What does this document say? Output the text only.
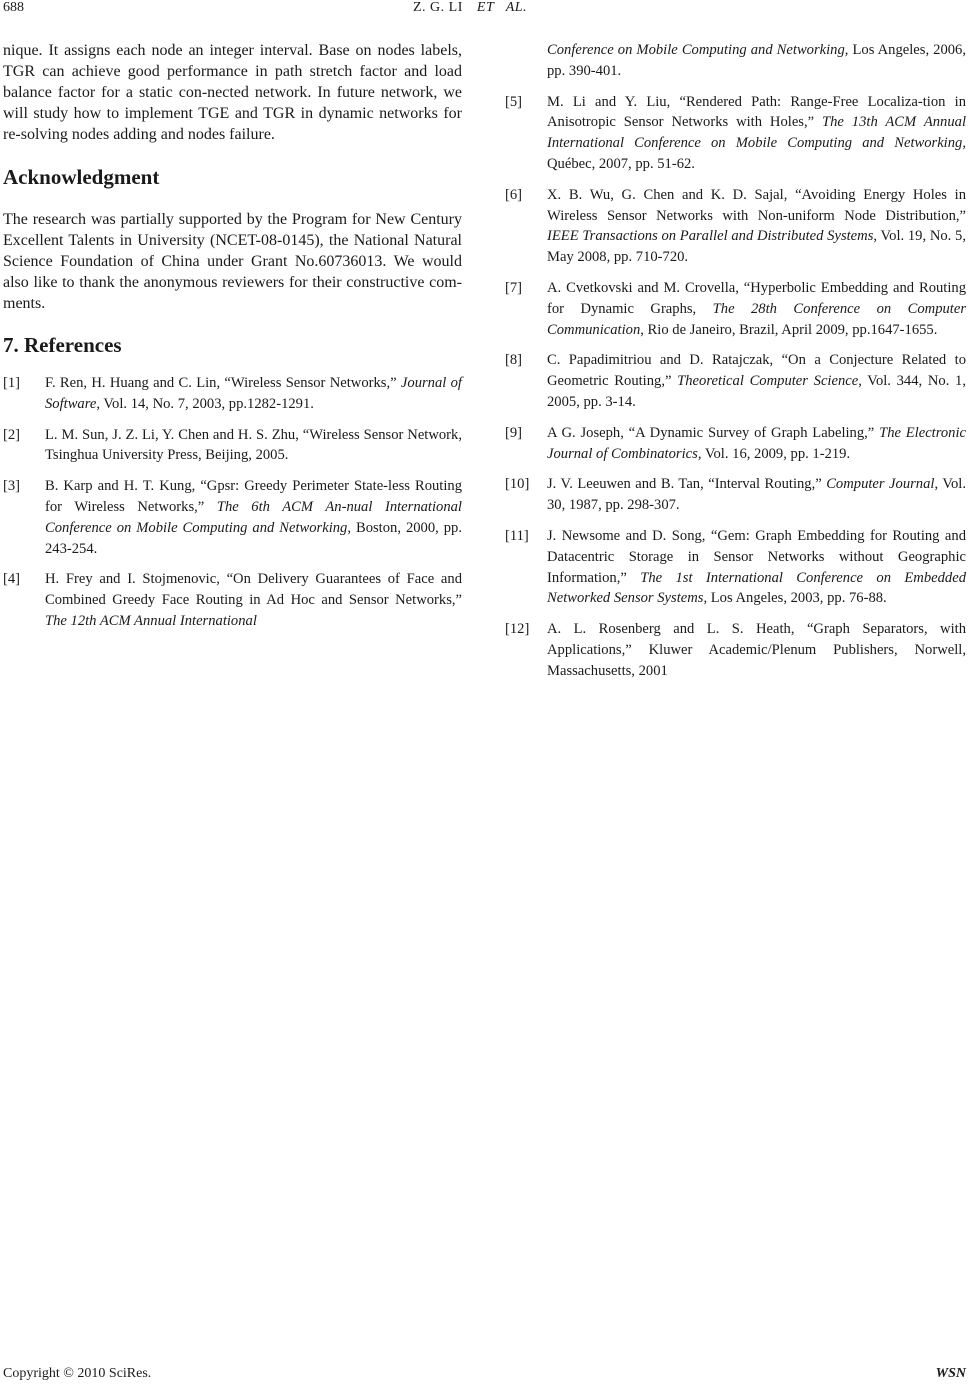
688	Z. G. LI ET   AL.

nique. It assigns each node an integer interval. Base on nodes labels, TGR can achieve good performance in path stretch factor and load balance factor for a static con-nected network. In future network, we will study how to implement TGE and TGR in dynamic networks for re-solving nodes adding and nodes failure.

Acknowledgment

The research was partially supported by the Program for New Century Excellent Talents in University (NCET-08-0145), the National Natural Science Foundation of China under Grant No.60736013. We would also like to thank the anonymous reviewers for their constructive com-ments.

7. References
[1]	F. Ren, H. Huang and C. Lin, “Wireless Sensor Networks,” Journal of Software, Vol. 14, No. 7, 2003, pp.1282-1291.
[2]	L. M. Sun, J. Z. Li, Y. Chen and H. S. Zhu, “Wireless Sensor Network, Tsinghua University Press, Beijing, 2005.
[3]	B. Karp and H. T. Kung, “Gpsr: Greedy Perimeter State-less Routing for Wireless Networks,” The 6th ACM An-nual International Conference on Mobile Computing and Networking, Boston, 2000, pp. 243-254.
[4]	H. Frey and I. Stojmenovic, “On Delivery Guarantees of Face and Combined Greedy Face Routing in Ad Hoc and Sensor Networks,” The 12th ACM Annual International
Conference on Mobile Computing and Networking, Los Angeles, 2006, pp. 390-401.
[5]	M. Li and Y. Liu, “Rendered Path: Range-Free Localiza-tion in Anisotropic Sensor Networks with Holes,” The 13th ACM Annual International Conference on Mobile Computing and Networking, Québec, 2007, pp. 51-62.
[6]	X. B. Wu, G. Chen and K. D. Sajal, “Avoiding Energy Holes in Wireless Sensor Networks with Non-uniform Node Distribution,” IEEE Transactions on Parallel and Distributed Systems, Vol. 19, No. 5, May 2008, pp. 710-720.
[7]	A. Cvetkovski and M. Crovella, “Hyperbolic Embedding and Routing for Dynamic Graphs, The 28th Conference on Computer Communication, Rio de Janeiro, Brazil, April 2009, pp.1647-1655.
[8]	C. Papadimitriou and D. Ratajczak, “On a Conjecture Related to Geometric Routing,” Theoretical Computer Science, Vol. 344, No. 1, 2005, pp. 3-14.
[9]	A G. Joseph, “A Dynamic Survey of Graph Labeling,” The Electronic Journal of Combinatorics, Vol. 16, 2009, pp. 1-219.
[10]	J. V. Leeuwen and B. Tan, “Interval Routing,” Computer Journal, Vol. 30, 1987, pp. 298-307.
[11]	J. Newsome and D. Song, “Gem: Graph Embedding for Routing and Datacentric Storage in Sensor Networks without Geographic Information,” The 1st International Conference on Embedded Networked Sensor Systems, Los Angeles, 2003, pp. 76-88.
[12]	A. L. Rosenberg and L. S. Heath, “Graph Separators, with Applications,” Kluwer Academic/Plenum Publishers, Norwell, Massachusetts, 2001
Copyright © 2010 SciRes.	WSN
